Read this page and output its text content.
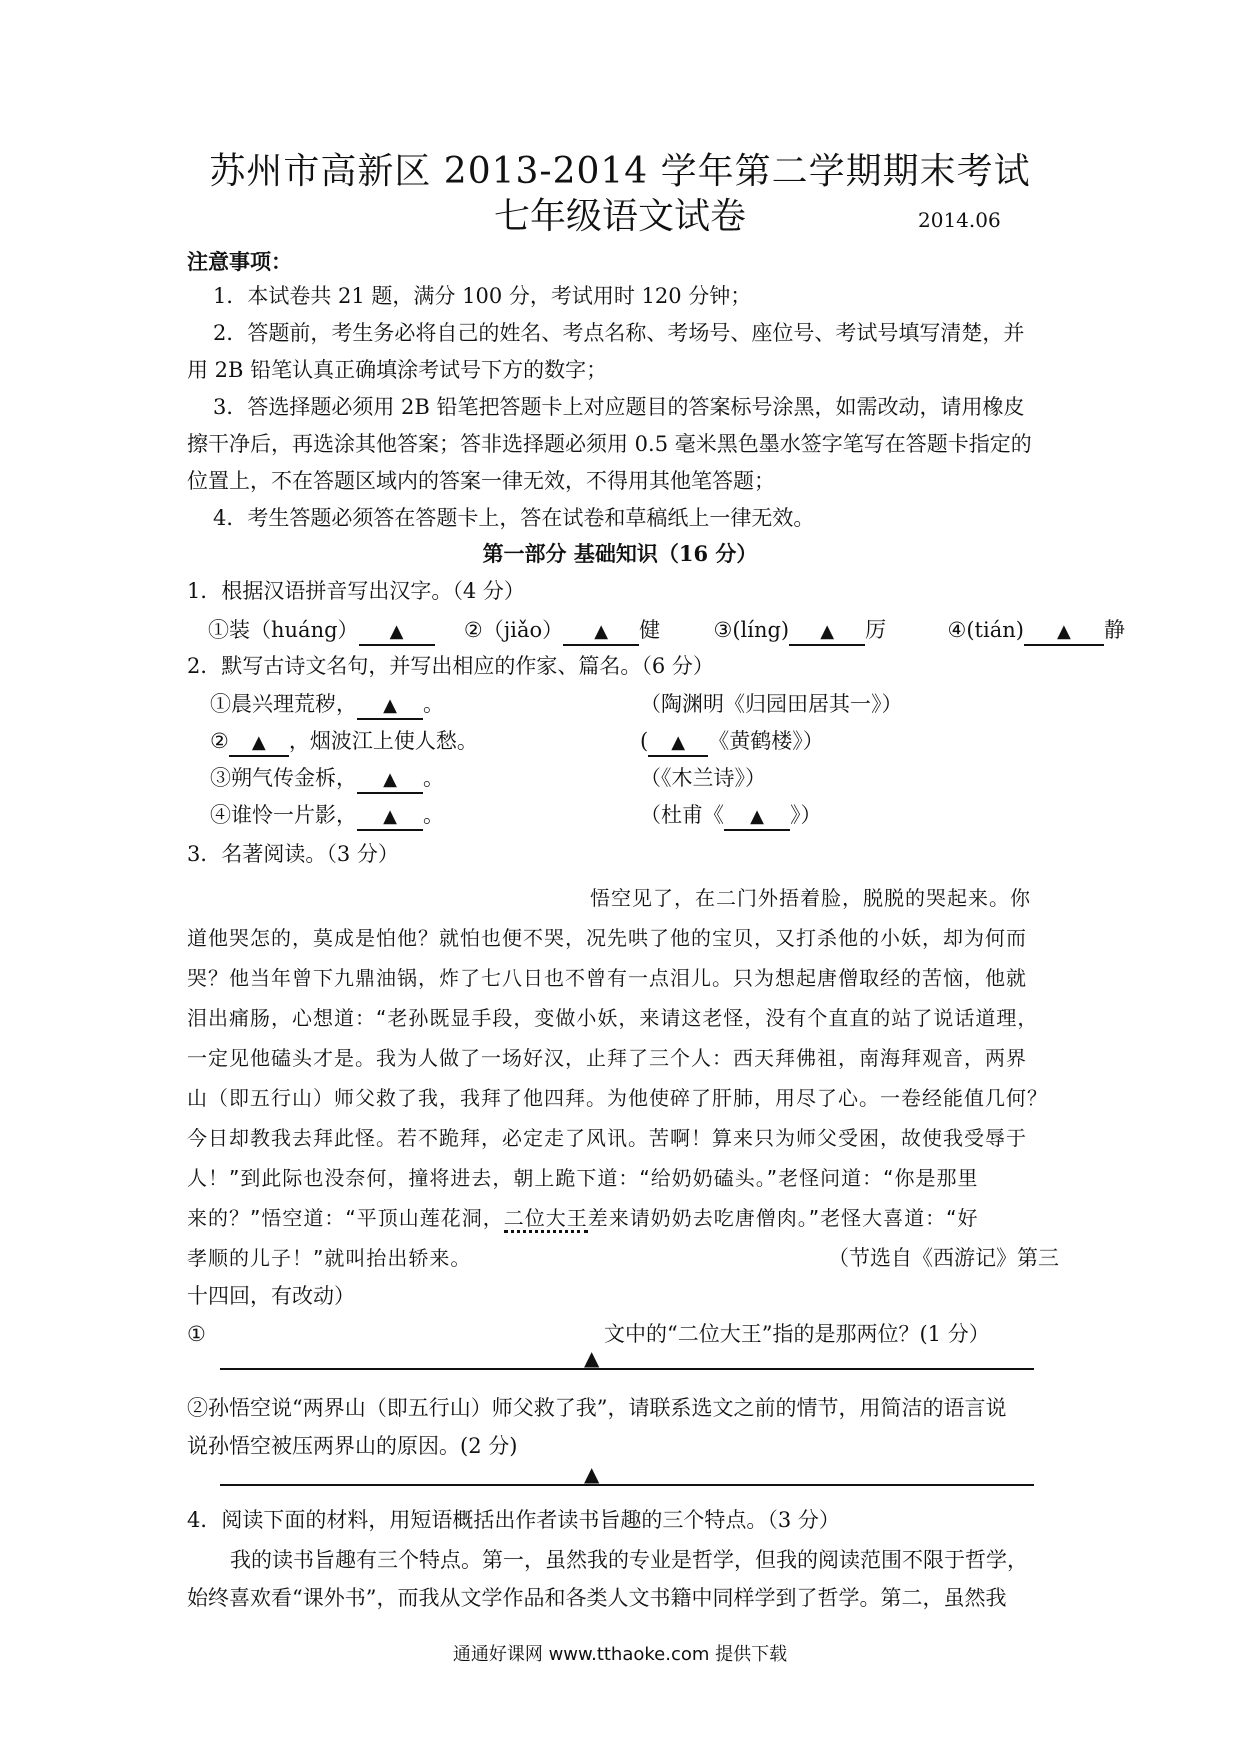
苏州市高新区 2013-2014 学年第二学期期末考试
七年级语文试卷	2014.06
注意事项：
1．本试卷共 21 题，满分 100 分，考试用时 120 分钟；
2．答题前，考生务必将自己的姓名、考点名称、考场号、座位号、考试号填写清楚，并
用 2B 铅笔认真正确填涂考试号下方的数字；
3．答选择题必须用 2B 铅笔把答题卡上对应题目的答案标号涂黑，如需改动，请用橡皮
擦干净后，再选涂其他答案；答非选择题必须用 0.5 毫米黑色墨水签字笔写在答题卡指定的
位置上，不在答题区域内的答案一律无效，不得用其他笔答题；
4．考生答题必须答在答题卡上，答在试卷和草稿纸上一律无效。
第一部分 基础知识（16 分）
1．根据汉语拼音写出汉字。（4 分）
①装（huáng） ▲	②（jiǎo） ▲ 健	③(líng) ▲ 厉	④(tián) ▲ 静
2．默写古诗文名句，并写出相应的作家、篇名。（6 分）
①晨兴理荒秽， ▲ 。	（陶渊明《归园田居其一》）
② ▲ ，烟波江上使人愁。	( ▲ 《黄鹤楼》）
③朔气传金柝， ▲ 。	（《木兰诗》）
④谁怜一片影， ▲ 。	（杜甫《 ▲ 》）
3．名著阅读。（3 分）
悟空见了，在二门外捂着脸，脱脱的哭起来。你
道他哭怎的，莫成是怕他？就怕也便不哭，况先哄了他的宝贝，又打杀他的小妖，却为何而
哭？他当年曾下九鼎油锅，炸了七八日也不曾有一点泪儿。只为想起唐僧取经的苦恼，他就
泪出痛肠，心想道：“老孙既显手段，变做小妖，来请这老怪，没有个直直的站了说话道理，
一定见他磕头才是。我为人做了一场好汉，止拜了三个人：西天拜佛祖，南海拜观音，两界
山（即五行山）师父救了我，我拜了他四拜。为他使碎了肝肺，用尽了心。一卷经能值几何？
今日却教我去拜此怪。若不跪拜，必定走了风讯。苦啊！算来只为师父受困，故使我受辱于
人！”到此际也没奈何，撞将进去，朝上跪下道：“给奶奶磕头。”老怪问道：“你是那里
来的？”悟空道：“平顶山莲花洞，二位大王差来请奶奶去吃唐僧肉。”老怪大喜道：“好
孝顺的儿子！”就叫抬出轿来。	（节选自《西游记》第三
十四回，有改动）
①	文中的“二位大王”指的是那两位？(1 分）
▲
②孙悟空说“两界山（即五行山）师父救了我”，请联系选文之前的情节，用简洁的语言说
说孙悟空被压两界山的原因。(2 分)
▲
4．阅读下面的材料，用短语概括出作者读书旨趣的三个特点。（3 分）
我的读书旨趣有三个特点。第一，虽然我的专业是哲学，但我的阅读范围不限于哲学，
始终喜欢看“课外书”，而我从文学作品和各类人文书籍中同样学到了哲学。第二，虽然我
通通好课网 www.tthaoke.com 提供下载
